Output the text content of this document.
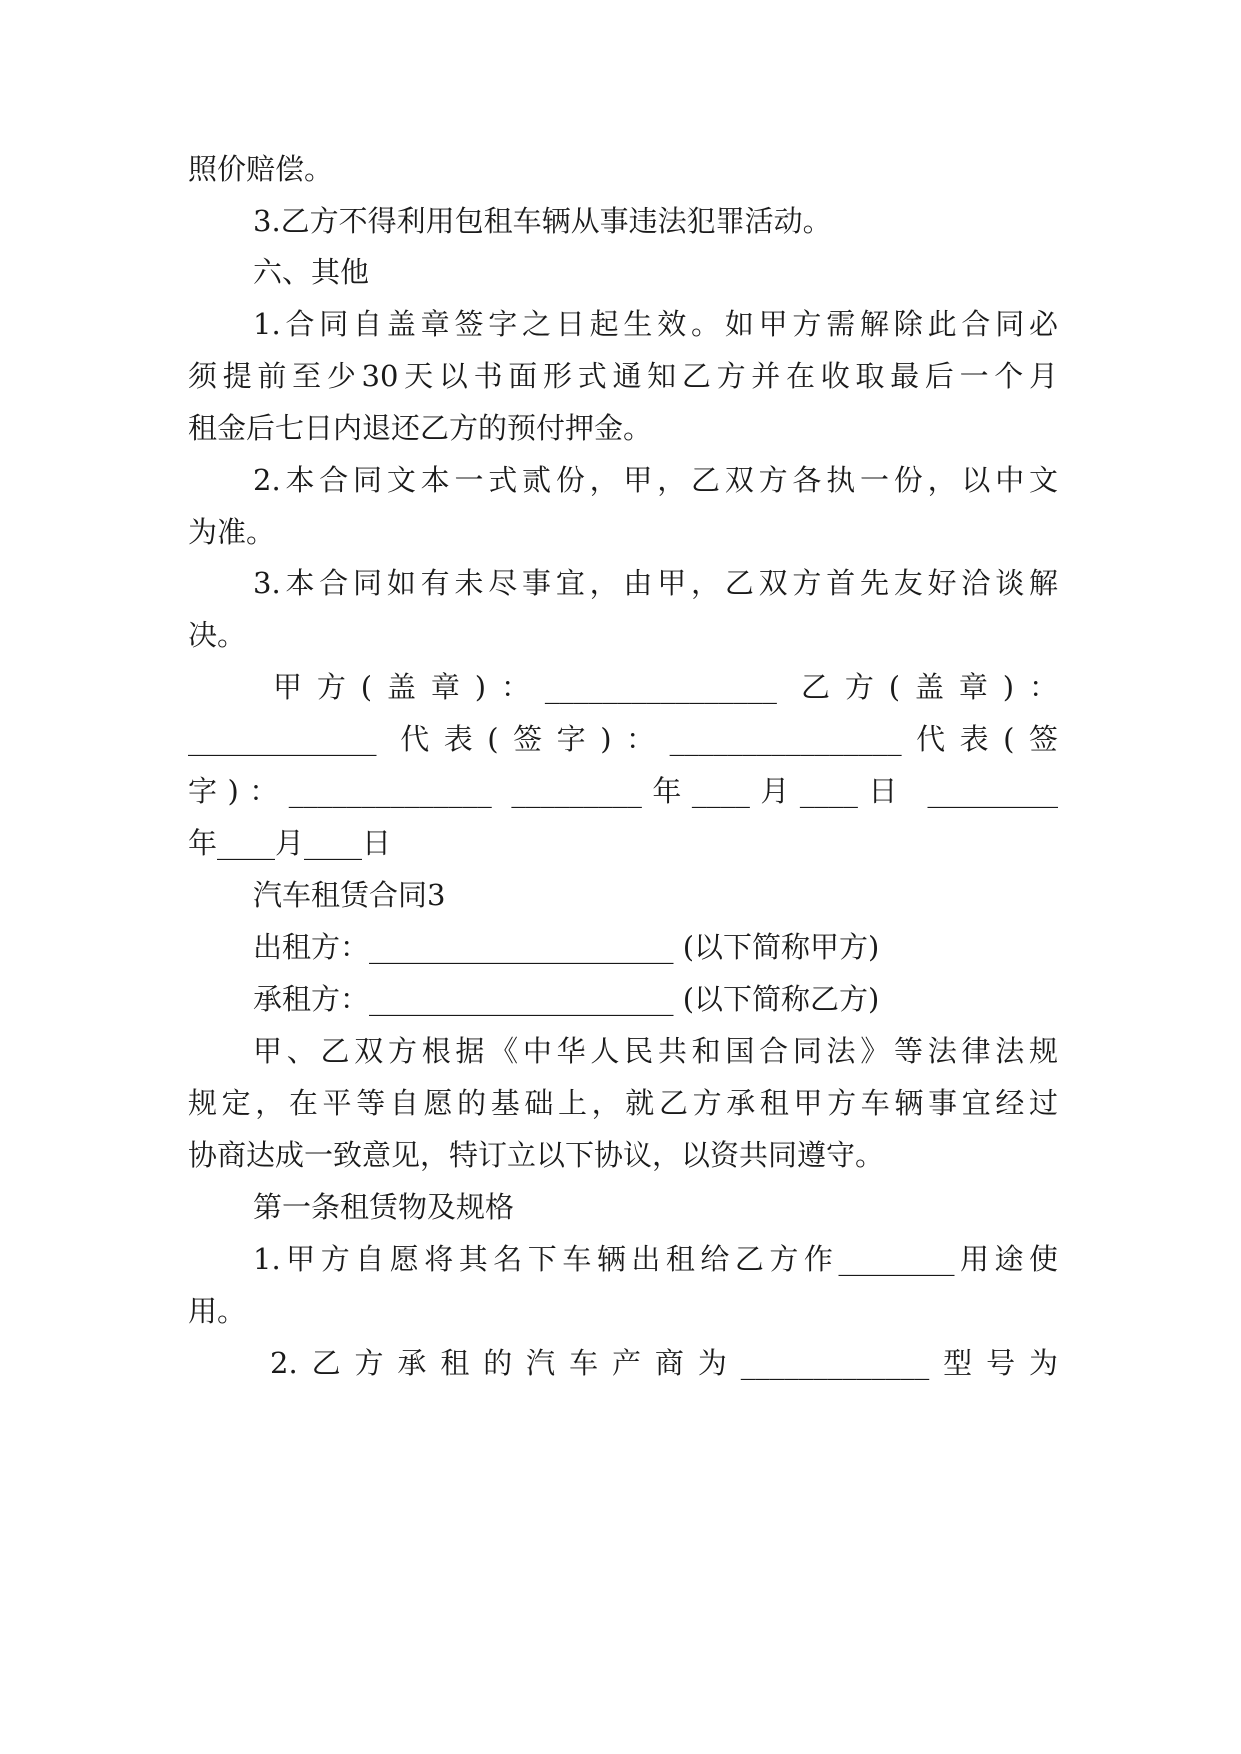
照价赔偿。

3.乙方不得利用包租车辆从事违法犯罪活动。

六、其他

1.合同自盖章签字之日起生效。如甲方需解除此合同必

须提前至少30天以书面形式通知乙方并在收取最后一个月

租金后七日内退还乙方的预付押金。

2.本合同文本一式贰份，甲，乙双方各执一份，以中文

为准。

3.本合同如有未尽事宜，由甲，乙双方首先友好洽谈解

决。

甲方(盖章)：________________ 乙方(盖章)：

_____________ 代表(签字)：________________代表(签

字)：______________ _________年____月____日 _________

年____月____日

汽车租赁合同3

出租方：_____________________ (以下简称甲方)

承租方：_____________________ (以下简称乙方)

甲、乙双方根据《中华人民共和国合同法》等法律法规

规定，在平等自愿的基础上，就乙方承租甲方车辆事宜经过

协商达成一致意见，特订立以下协议，以资共同遵守。

第一条租赁物及规格

1.甲方自愿将其名下车辆出租给乙方作________用途使

用。

2.乙方承租的汽车产商为_____________型号为
